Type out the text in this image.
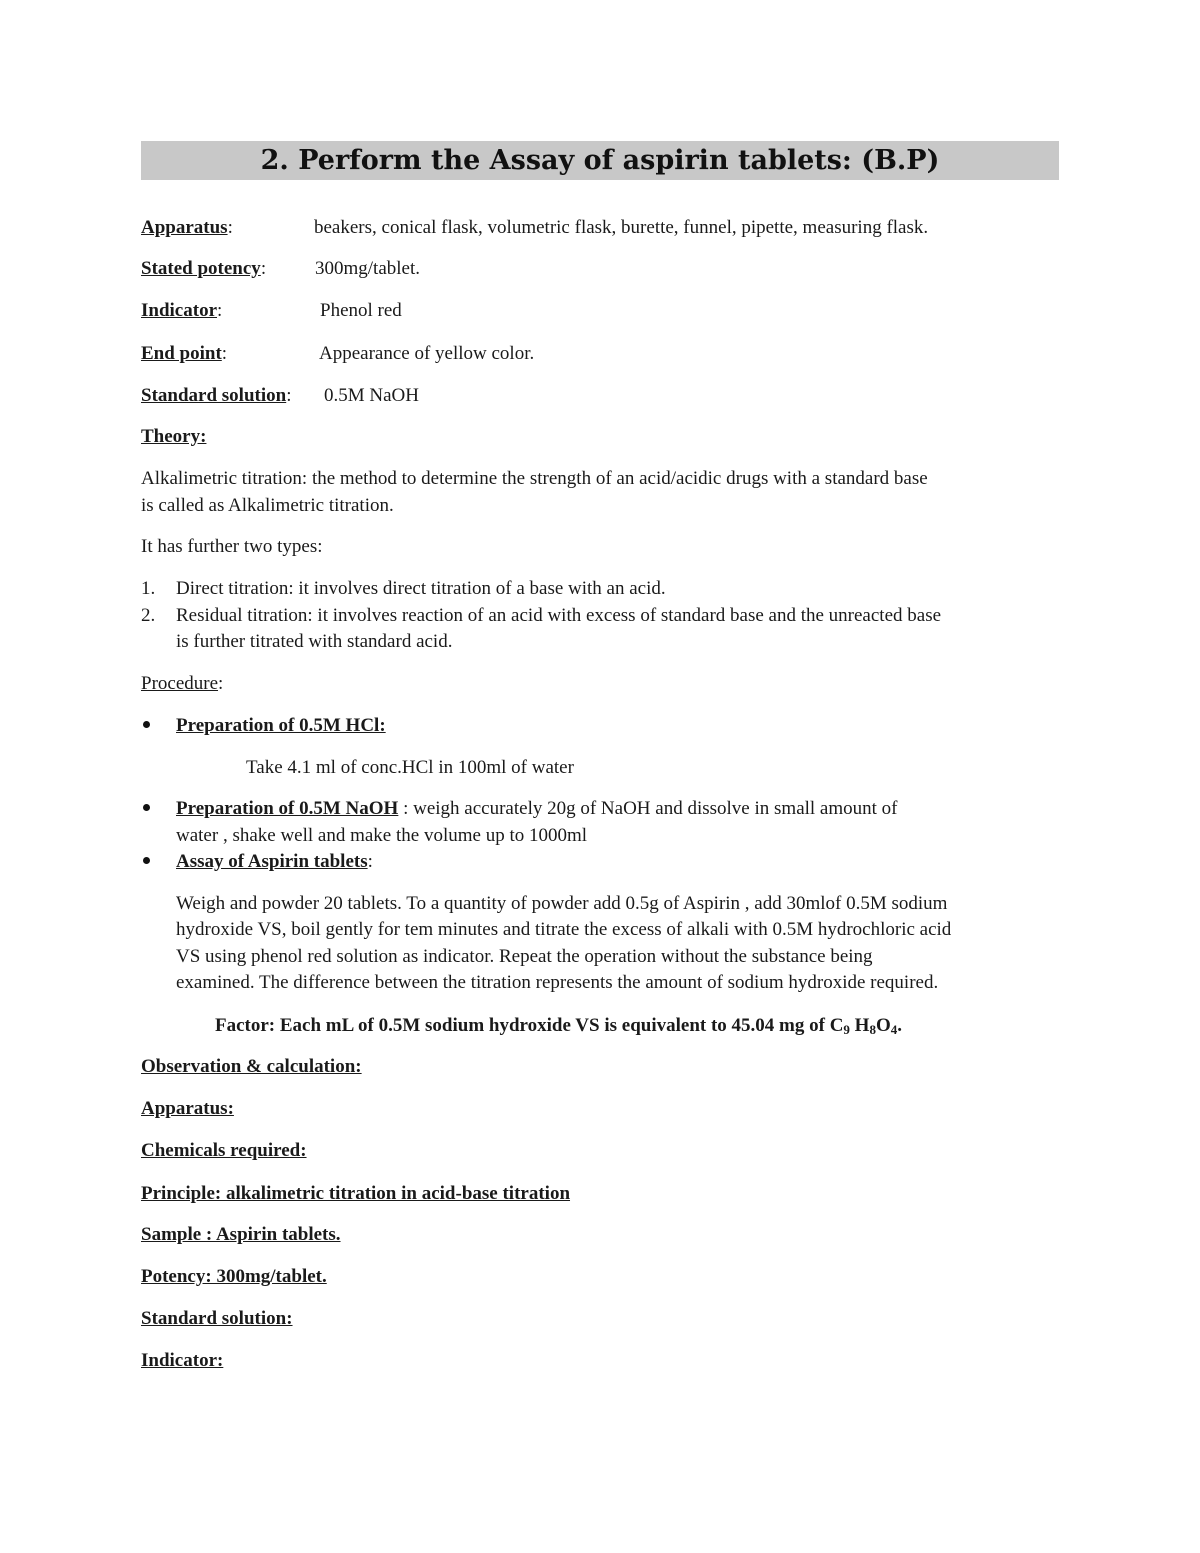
2. Perform the Assay of aspirin tablets: (B.P)
Apparatus:	beakers, conical flask, volumetric flask, burette, funnel, pipette, measuring flask.
Stated potency:	300mg/tablet.
Indicator:	Phenol red
End point:	Appearance of yellow color.
Standard solution: 0.5M NaOH
Theory:
Alkalimetric titration: the method to determine the strength of an acid/acidic drugs with a standard base
is called as Alkalimetric titration.
It has further two types:
1. Direct titration: it involves direct titration of a base with an acid.
2. Residual titration: it involves reaction of an acid with excess of standard base and the unreacted base
is further titrated with standard acid.
Procedure:
Preparation of 0.5M HCl:
Take 4.1 ml of conc.HCl in 100ml of water
Preparation of 0.5M NaOH : weigh accurately 20g of NaOH and dissolve in small amount of
water , shake well and make the volume up to 1000ml
Assay of Aspirin tablets:
Weigh and powder 20 tablets. To a quantity of powder add 0.5g of Aspirin , add 30mlof 0.5M sodium
hydroxide VS, boil gently for tem minutes and titrate the excess of alkali with 0.5M hydrochloric acid
VS using phenol red solution as indicator. Repeat the operation without the substance being
examined. The difference between the titration represents the amount of sodium hydroxide required.
Factor: Each mL of 0.5M sodium hydroxide VS is equivalent to 45.04 mg of $C_9$ $H_8O_4$.
Observation & calculation:
Apparatus:
Chemicals required:
Principle: alkalimetric titration in acid-base titration
Sample : Aspirin tablets.
Potency: 300mg/tablet.
Standard solution:
Indicator:
